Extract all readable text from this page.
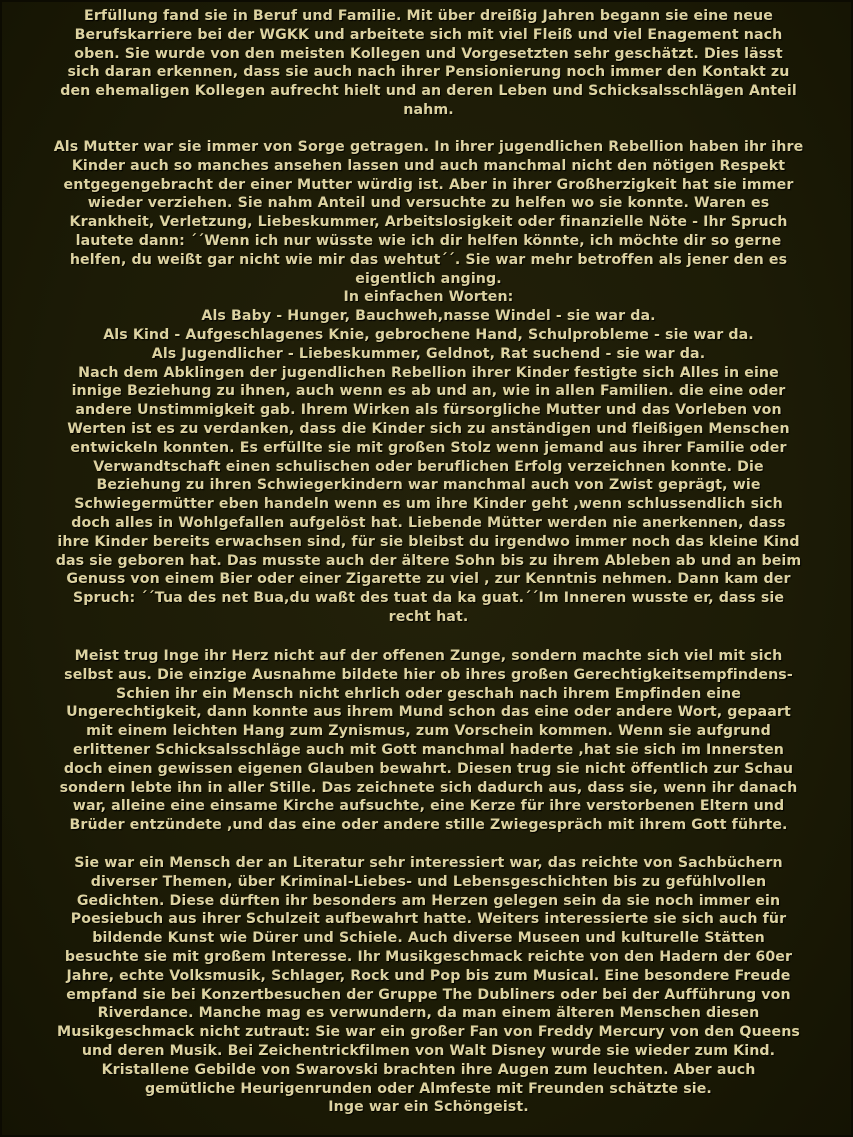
Erfüllung fand sie in Beruf und Familie. Mit über dreißig Jahren begann sie eine neue
Berufskarriere bei der WGKK und arbeitete sich mit viel Fleiß und viel Enagement nach
oben. Sie wurde von den meisten Kollegen und Vorgesetzten sehr geschätzt. Dies lässt
sich daran erkennen, dass sie auch nach ihrer Pensionierung noch immer den Kontakt zu
den ehemaligen Kollegen aufrecht hielt und an deren Leben und Schicksalsschlägen Anteil
nahm.

Als Mutter war sie immer von Sorge getragen. In ihrer jugendlichen Rebellion haben ihr ihre
Kinder auch so manches ansehen lassen und auch manchmal nicht den nötigen Respekt
entgegengebracht der einer Mutter würdig ist. Aber in ihrer Großherzigkeit hat sie immer
wieder verziehen. Sie nahm Anteil und versuchte zu helfen wo sie konnte. Waren es
Krankheit, Verletzung, Liebeskummer, Arbeitslosigkeit oder finanzielle Nöte - Ihr Spruch
lautete dann: ´´Wenn ich nur wüsste wie ich dir helfen könnte, ich möchte dir so gerne
helfen, du weißt gar nicht wie mir das wehtut´´. Sie war mehr betroffen als jener den es
eigentlich anging.
In einfachen Worten:
Als Baby - Hunger, Bauchweh,nasse Windel - sie war da.
Als Kind - Aufgeschlagenes Knie, gebrochene Hand, Schulprobleme - sie war da.
Als Jugendlicher - Liebeskummer, Geldnot, Rat suchend - sie war da.
Nach dem Abklingen der jugendlichen Rebellion ihrer Kinder festigte sich Alles in eine
innige Beziehung zu ihnen, auch wenn es ab und an, wie in allen Familien. die eine oder
andere Unstimmigkeit gab. Ihrem Wirken als fürsorgliche Mutter und das Vorleben von
Werten ist es zu verdanken, dass die Kinder sich zu anständigen und fleißigen Menschen
entwickeln konnten. Es erfüllte sie mit großen Stolz wenn jemand aus ihrer Familie oder
Verwandtschaft einen schulischen oder beruflichen Erfolg verzeichnen konnte. Die
Beziehung zu ihren Schwiegerkindern war manchmal auch von Zwist geprägt, wie
Schwiegermütter eben handeln wenn es um ihre Kinder geht ,wenn schlussendlich sich
doch alles in Wohlgefallen aufgelöst hat. Liebende Mütter werden nie anerkennen, dass
ihre Kinder bereits erwachsen sind, für sie bleibst du irgendwo immer noch das kleine Kind
das sie geboren hat. Das musste auch der ältere Sohn bis zu ihrem Ableben ab und an beim
Genuss von einem Bier oder einer Zigarette zu viel , zur Kenntnis nehmen. Dann kam der
Spruch: ´´Tua des net Bua,du waßt des tuat da ka guat.´´Im Inneren wusste er, dass sie
recht hat.

Meist trug Inge ihr Herz nicht auf der offenen Zunge, sondern machte sich viel mit sich
selbst aus. Die einzige Ausnahme bildete hier ob ihres großen Gerechtigkeitsempfindens-
Schien ihr ein Mensch nicht ehrlich oder geschah nach ihrem Empfinden eine
Ungerechtigkeit, dann konnte aus ihrem Mund schon das eine oder andere Wort, gepaart
mit einem leichten Hang zum Zynismus, zum Vorschein kommen. Wenn sie aufgrund
erlittener Schicksalsschläge auch mit Gott manchmal haderte ,hat sie sich im Innersten
doch einen gewissen eigenen Glauben bewahrt. Diesen trug sie nicht öffentlich zur Schau
sondern lebte ihn in aller Stille. Das zeichnete sich dadurch aus, dass sie, wenn ihr danach
war, alleine eine einsame Kirche aufsuchte, eine Kerze für ihre verstorbenen Eltern und
Brüder entzündete ,und das eine oder andere stille Zwiegespräch mit ihrem Gott führte.

Sie war ein Mensch der an Literatur sehr interessiert war, das reichte von Sachbüchern
diverser Themen, über Kriminal-Liebes- und Lebensgeschichten bis zu gefühlvollen
Gedichten. Diese dürften ihr besonders am Herzen gelegen sein da sie noch immer ein
Poesiebuch aus ihrer Schulzeit aufbewahrt hatte. Weiters interessierte sie sich auch für
bildende Kunst wie Dürer und Schiele. Auch diverse Museen und kulturelle Stätten
besuchte sie mit großem Interesse. Ihr Musikgeschmack reichte von den Hadern der 60er
Jahre, echte Volksmusik, Schlager, Rock und Pop bis zum Musical. Eine besondere Freude
empfand sie bei Konzertbesuchen der Gruppe The Dubliners oder bei der Aufführung von
Riverdance. Manche mag es verwundern, da man einem älteren Menschen diesen
Musikgeschmack nicht zutraut: Sie war ein großer Fan von Freddy Mercury von den Queens
und deren Musik. Bei Zeichentrickfilmen von Walt Disney wurde sie wieder zum Kind.
Kristallene Gebilde von Swarovski brachten ihre Augen zum leuchten. Aber auch
gemütliche Heurigenrunden oder Almfeste mit Freunden schätzte sie.
Inge war ein Schöngeist.
